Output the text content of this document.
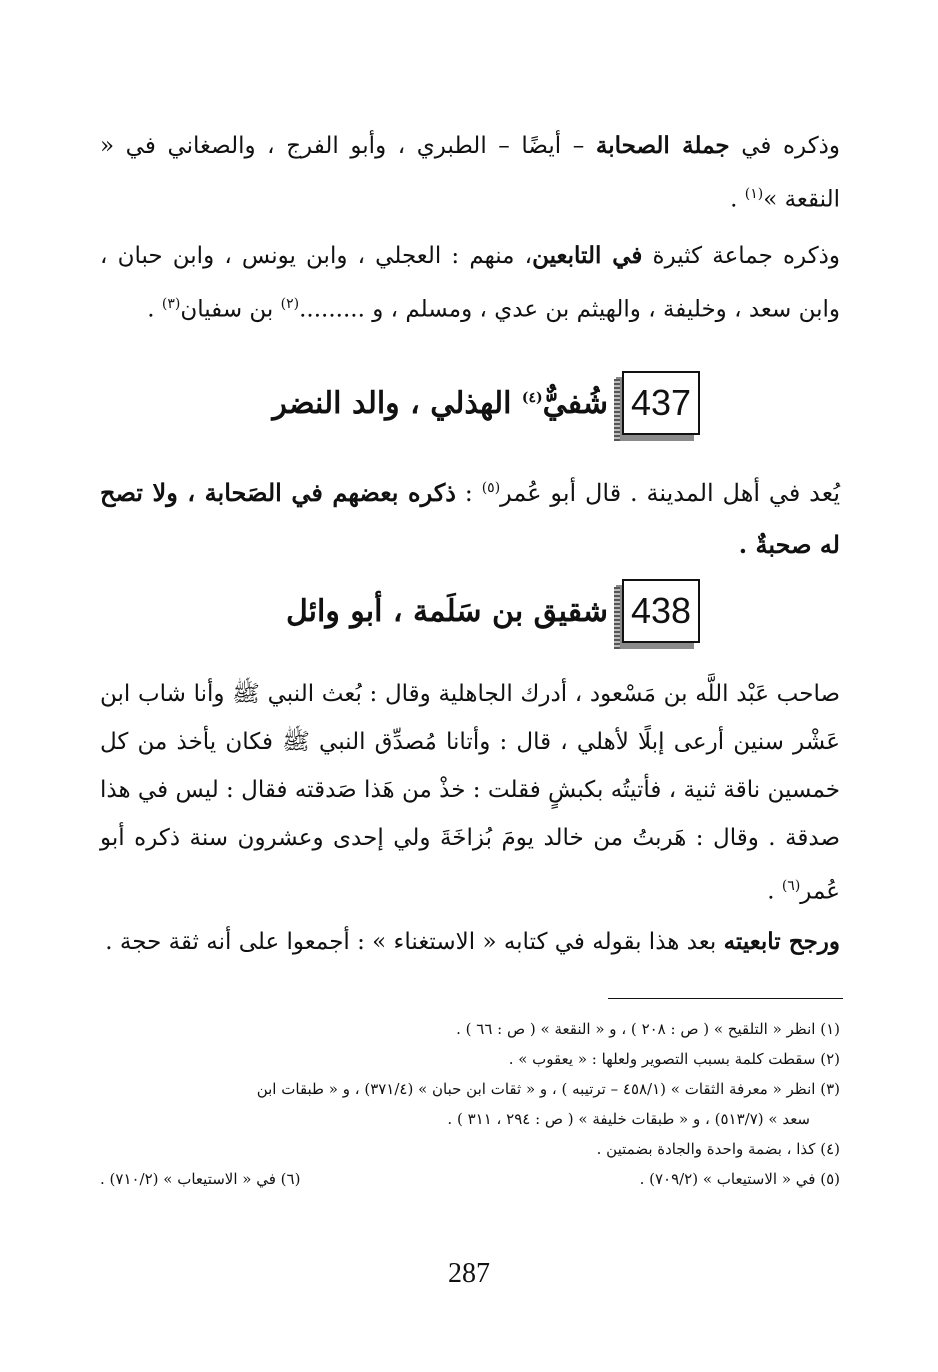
وذكره في جملة الصحابة – أيضًا – الطبري ، وأبو الفرج ، والصغاني في « النقعة »$^{(١)}$ .
وذكره جماعة كثيرة في التابعين، منهم : العجلي ، وابن يونس ، وابن حبان ، وابن سعد ، وخليفة ، والهيثم بن عدي ، ومسلم ، و .........$^{(٢)}$ بن سفيان$^{(٣)}$ .
437
شُفيٌّ$^{(٤)}$ الهذلي ، والد النضر
يُعد في أهل المدينة . قال أبو عُمر$^{(٥)}$ : ذكره بعضهم في الصَحابة ، ولا تصح له صحبةٌ .
438
شقيق بن سَلَمة ، أبو وائل
صاحب عَبْد اللَّه بن مَسْعود ، أدرك الجاهلية وقال : بُعث النبي ﷺ وأنا شاب ابن عَشْر سنين أرعى إبلًا لأهلي ، قال : وأتانا مُصدِّق النبي ﷺ فكان يأخذ من كل خمسين ناقة ثنية ، فأتيتُه بكبشٍ فقلت : خذْ من هَذا صَدقته فقال : ليس في هذا صدقة . وقال : هَربتُ من خالد يومَ بُزاخَةَ ولي إحدى وعشرون سنة ذكره أبو عُمر$^{(٦)}$ .
ورجح تابعيته بعد هذا بقوله في كتابه « الاستغناء » : أجمعوا على أنه ثقة حجة .
(١) انظر « التلقيح » ( ص : ٢٠٨ ) ، و « النقعة » ( ص : ٦٦ ) .
(٢) سقطت كلمة بسبب التصوير ولعلها : « يعقوب » .
(٣) انظر « معرفة الثقات » (٤٥٨/١ – ترتيبه ) ، و « ثقات ابن حبان » (٣٧١/٤) ، و « طبقات ابن
سعد » (٥١٣/٧) ، و « طبقات خليفة » ( ص : ٢٩٤ ، ٣١١ ) .
(٤) كذا ، بضمة واحدة والجادة بضمتين .
(٥) في « الاستيعاب » (٧٠٩/٢) .
(٦) في « الاستيعاب » (٧١٠/٢) .
287
